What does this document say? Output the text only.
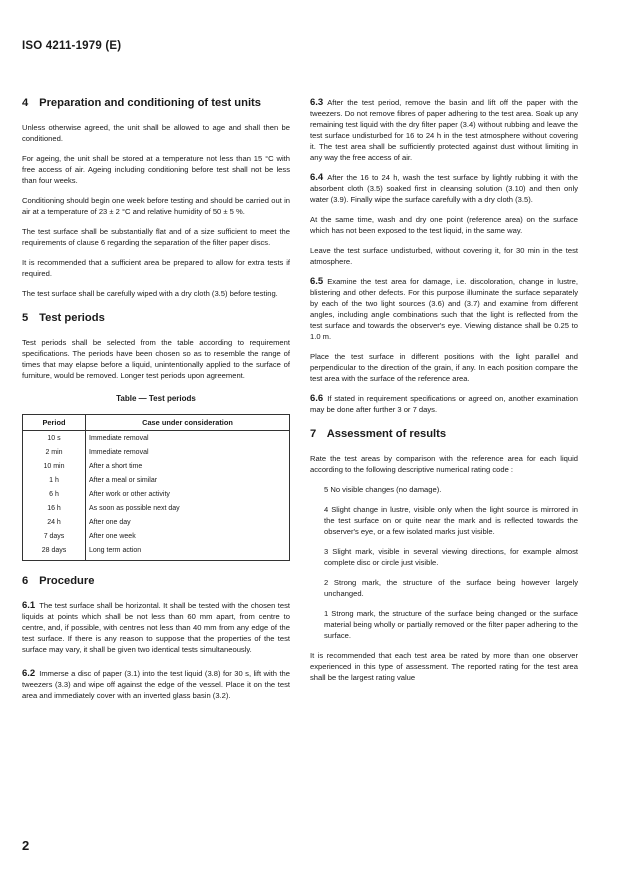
ISO 4211-1979 (E)
4 Preparation and conditioning of test units

Unless otherwise agreed, the unit shall be allowed to age and shall then be conditioned.

For ageing, the unit shall be stored at a temperature not less than 15 °C with free access of air. Ageing including conditioning before test shall not be less than four weeks.

Conditioning should begin one week before testing and should be carried out in air at a temperature of 23 ± 2 °C and relative humidity of 50 ± 5 %.

The test surface shall be substantially flat and of a size sufficient to meet the requirements of clause 6 regarding the separation of the filter paper discs.

It is recommended that a sufficient area be prepared to allow for extra tests if required.

The test surface shall be carefully wiped with a dry cloth (3.5) before testing.

5 Test periods

Test periods shall be selected from the table according to requirement specifications. The periods have been chosen so as to resemble the range of times that may elapse before a liquid, unintentionally applied to the surface of furniture, would be removed. Longer test periods upon agreement.

Table — Test periods
Period	Case under consideration
10 s	Immediate removal
2 min	Immediate removal
10 min	After a short time
1 h	After a meal or similar
6 h	After work or other activity
16 h	As soon as possible next day
24 h	After one day
7 days	After one week
28 days	Long term action
6 Procedure

6.1 The test surface shall be horizontal. It shall be tested with the chosen test liquids at points which shall be not less than 60 mm apart, from centre to centre, and, if possible, with centres not less than 40 mm from any edge of the test surface. If there is any reason to suppose that the properties of the test surface may vary, it shall be given two identical tests simultaneously.

6.2 Immerse a disc of paper (3.1) into the test liquid (3.8) for 30 s, lift with the tweezers (3.3) and wipe off against the edge of the vessel. Place it on the test area and immediately cover with an inverted glass basin (3.2).

6.3 After the test period, remove the basin and lift off the paper with the tweezers. Do not remove fibres of paper adhering to the test area. Soak up any remaining test liquid with the dry filter paper (3.4) without rubbing and leave the test surface undisturbed for 16 to 24 h in the test atmosphere without covering it. The test area shall be sufficiently protected against dust without limiting in any way the free access of air.

6.4 After the 16 to 24 h, wash the test surface by lightly rubbing it with the absorbent cloth (3.5) soaked first in cleansing solution (3.10) and then only water (3.9). Finally wipe the surface carefully with a dry cloth (3.5).

At the same time, wash and dry one point (reference area) on the surface which has not been exposed to the test liquid, in the same way.

Leave the test surface undisturbed, without covering it, for 30 min in the test atmosphere.

6.5 Examine the test area for damage, i.e. discoloration, change in lustre, blistering and other defects. For this purpose illuminate the surface separately by each of the two light sources (3.6) and (3.7) and examine from different angles, including angle combinations such that the light is reflected from the test surface and towards the observer's eye. Viewing distance shall be 0.25 to 1.0 m.

Place the test surface in different positions with the light parallel and perpendicular to the direction of the grain, if any. In each position compare the test area with the surface of the reference area.

6.6 If stated in requirement specifications or agreed on, another examination may be done after further 3 or 7 days.

7 Assessment of results

Rate the test areas by comparison with the reference area for each liquid according to the following descriptive numerical rating code :

5 No visible changes (no damage).

4 Slight change in lustre, visible only when the light source is mirrored in the test surface on or quite near the mark and is reflected towards the observer's eye, or a few isolated marks just visible.

3 Slight mark, visible in several viewing directions, for example almost complete disc or circle just visible.

2 Strong mark, the structure of the surface being however largely unchanged.

1 Strong mark, the structure of the surface being changed or the surface material being wholly or partially removed or the filter paper adhering to the surface.

It is recommended that each test area be rated by more than one observer experienced in this type of assessment. The reported rating for the test area shall be the largest rating value

2
